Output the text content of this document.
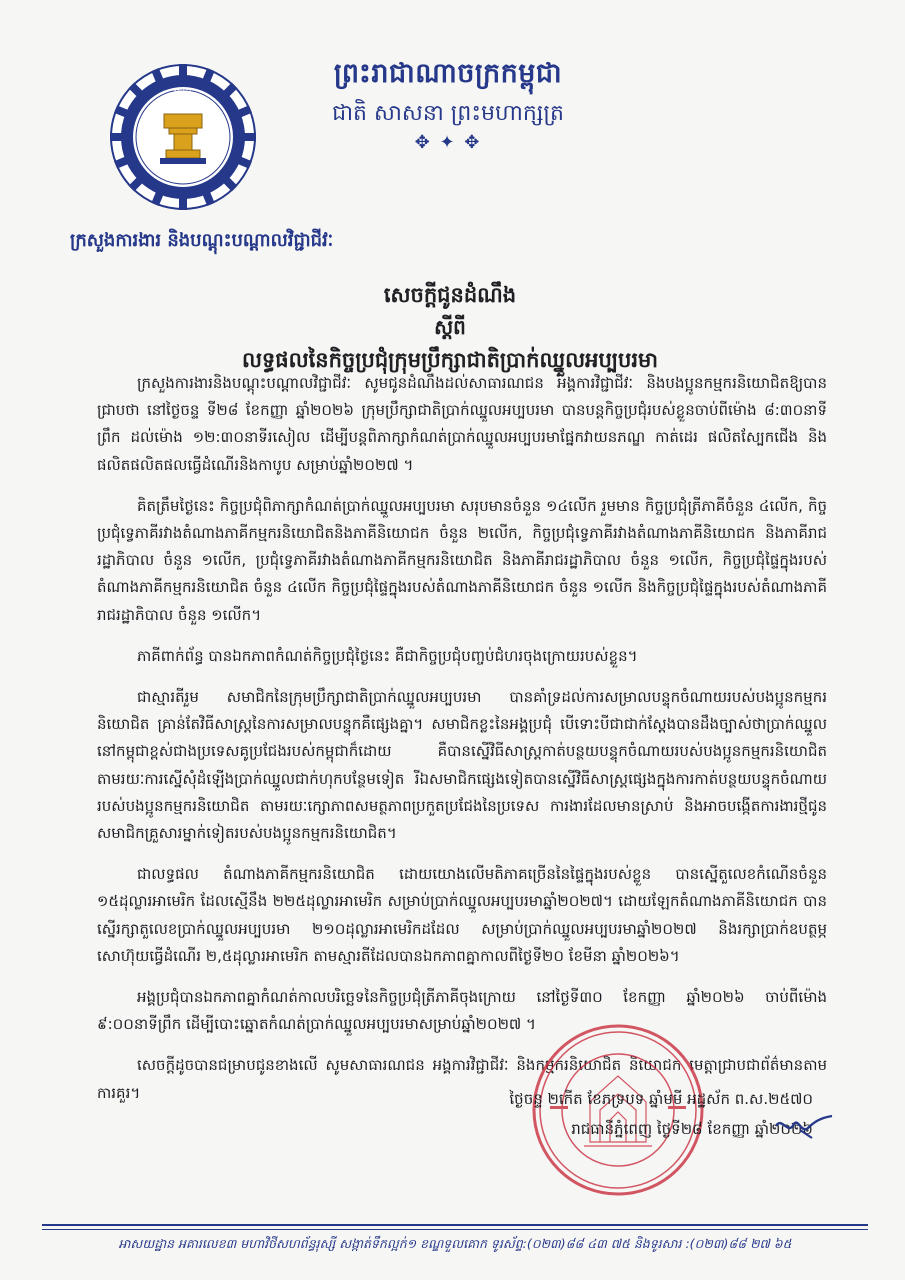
MLVT
ព្រះរាជាណាចក្រកម្ពុជា
ជាតិ សាសនា ព្រះមហាក្សត្រ
✥ ✦ ✥
ក្រសួងការងារ និងបណ្តុះបណ្តាលវិជ្ជាជីវៈ
សេចក្តីជូនដំណឹង
ស្តីពី
លទ្ធផលនៃកិច្ចប្រជុំក្រុមប្រឹក្សាជាតិប្រាក់ឈ្នួលអប្បបរមា

ក្រសួងការងារនិងបណ្តុះបណ្តាលវិជ្ជាជីវៈ សូមជូនដំណឹងដល់សាធារណជន អង្គការវិជ្ជាជីវៈ និងបងប្អូនកម្មករនិយោជិតឱ្យបានជ្រាបថា នៅថ្ងៃចន្ទ ទី២៨ ខែកញ្ញា ឆ្នាំ២០២៦ ក្រុមប្រឹក្សាជាតិប្រាក់ឈ្នួលអប្បបរមា បានបន្តកិច្ចប្រជុំរបស់ខ្លួនចាប់ពីម៉ោង ៨:៣០នាទីព្រឹក ដល់ម៉ោង ១២:៣០នាទីរសៀល ដើម្បីបន្តពិភាក្សាកំណត់ប្រាក់ឈ្នួលអប្បបរមាផ្នែកវាយនភណ្ឌ កាត់ដេរ ផលិតស្បែកជើង និងផលិតផលិតផលធ្វើដំណើរនិងកាបូប សម្រាប់ឆ្នាំ២០២៧ ។

គិតត្រឹមថ្ងៃនេះ កិច្ចប្រជុំពិភាក្សាកំណត់ប្រាក់ឈ្នួលអប្បបរមា សរុបមានចំនួន ១៤លើក រួមមាន កិច្ចប្រជុំត្រីភាគីចំនួន ៤លើក, កិច្ចប្រជុំទ្វេភាគីរវាងតំណាងភាគីកម្មករនិយោជិតនិងភាគីនិយោជក ចំនួន ២លើក, កិច្ចប្រជុំទ្វេភាគីរវាងតំណាងភាគីនិយោជក និងភាគីរាជរដ្ឋាភិបាល ចំនួន ១លើក, ប្រជុំទ្វេភាគីរវាងតំណាងភាគីកម្មករនិយោជិត និងភាគីរាជរដ្ឋាភិបាល ចំនួន ១លើក, កិច្ចប្រជុំផ្ទៃក្នុងរបស់តំណាងភាគីកម្មករនិយោជិត ចំនួន ៤លើក កិច្ចប្រជុំផ្ទៃក្នុងរបស់តំណាងភាគីនិយោជក ចំនួន ១លើក និងកិច្ចប្រជុំផ្ទៃក្នុងរបស់តំណាងភាគីរាជរដ្ឋាភិបាល ចំនួន ១លើក។

ភាគីពាក់ព័ន្ធ បានឯកភាពកំណត់កិច្ចប្រជុំថ្ងៃនេះ គឺជាកិច្ចប្រជុំបញ្ចប់ជំហរចុងក្រោយរបស់ខ្លួន។

ជាស្មារតីរួម សមាជិកនៃក្រុមប្រឹក្សាជាតិប្រាក់ឈ្នួលអប្បបរមា បានគាំទ្រដល់ការសម្រាលបន្ទុកចំណាយរបស់បងប្អូនកម្មករនិយោជិត គ្រាន់តែវិធីសាស្ត្រនៃការសម្រាលបន្ទុកគឺផ្សេងគ្នា។ សមាជិកខ្លះនៃអង្គប្រជុំ បើទោះបីជាជាក់ស្តែងបានដឹងច្បាស់ថាប្រាក់ឈ្នួលនៅកម្ពុជាខ្ពស់ជាងប្រទេសគូប្រជែងរបស់កម្ពុជាក៏ដោយ គឺបានស្នើវិធីសាស្ត្រកាត់បន្ថយបន្ទុកចំណាយរបស់បងប្អូនកម្មករនិយោជិត តាមរយៈការស្នើសុំដំឡើងប្រាក់ឈ្នួលជាក់ហុកបន្ថែមទៀត រីឯសមាជិកផ្សេងទៀតបានស្នើវិធីសាស្ត្រផ្សេងក្នុងការកាត់បន្ថយបន្ទុកចំណាយរបស់បងប្អូនកម្មករនិយោជិត តាមរយៈក្សោភាពសមត្ថភាពប្រកួតប្រជែងនៃប្រទេស ការងារដែលមានស្រាប់ និងអាចបង្កើតការងារថ្មីជូនសមាជិកគ្រួសារម្នាក់ទៀតរបស់បងប្អូនកម្មករនិយោជិត។

ជាលទ្ធផល តំណាងភាគីកម្មករនិយោជិត ដោយយោងលើមតិភាគច្រើននៃផ្ទៃក្នុងរបស់ខ្លួន បានស្នើតួលេខកំណើនចំនួន ១៥ដុល្លារអាមេរិក ដែលស្មើនឹង ២២៥ដុល្លារអាមេរិក សម្រាប់ប្រាក់ឈ្នួលអប្បបរមាឆ្នាំ២០២៧។ ដោយឡែកតំណាងភាគីនិយោជក បានស្នើរក្សាតួលេខប្រាក់ឈ្នួលអប្បបរមា ២១០ដុល្លារអាមេរិកដដែល សម្រាប់ប្រាក់ឈ្នួលអប្បបរមាឆ្នាំ២០២៧ និងរក្សាប្រាក់ឧបត្ថម្ភសោហ៊ុយធ្វើដំណើរ ២,៥ដុល្លារអាមេរិក តាមស្មារតីដែលបានឯកភាពគ្នាកាលពីថ្ងៃទី២០ ខែមីនា ឆ្នាំ២០២៦។

អង្គប្រជុំបានឯកភាពគ្នាកំណត់កាលបរិច្ឆេទនៃកិច្ចប្រជុំត្រីភាគីចុងក្រោយ នៅថ្ងៃទី៣០ ខែកញ្ញា ឆ្នាំ២០២៦ ចាប់ពីម៉ោង ៩:០០នាទីព្រឹក ដើម្បីបោះឆ្នោតកំណត់ប្រាក់ឈ្នួលអប្បបរមាសម្រាប់ឆ្នាំ២០២៧ ។

សេចក្តីដូចបានជម្រាបជូនខាងលើ សូមសាធារណជន អង្គការវិជ្ជាជីវៈ និងកម្មករនិយោជិត និយោជក មេត្តាជ្រាបជាព័ត៌មានតាមការគួរ។	ថ្ងៃចន្ទ ២កើត ខែភទ្របទ ឆ្នាំមមី អដ្ឋស័ក ព.ស.២៥៧០
រាជធានីភ្នំពេញ ថ្ងៃទី២៨ ខែកញ្ញា ឆ្នាំ២០២៦
អាសយដ្ឋាន អគារលេខ៣ មហាវិថីសហព័ន្ធរុស្សី សង្កាត់ទឹកល្អក់១ ខណ្ឌទួលគោក ទូរស័ព្ទ:(០២៣)៨៨ ៤៣ ៧៥ និងទូរសារ :(០២៣)៨៨ ២៧ ៦៥
